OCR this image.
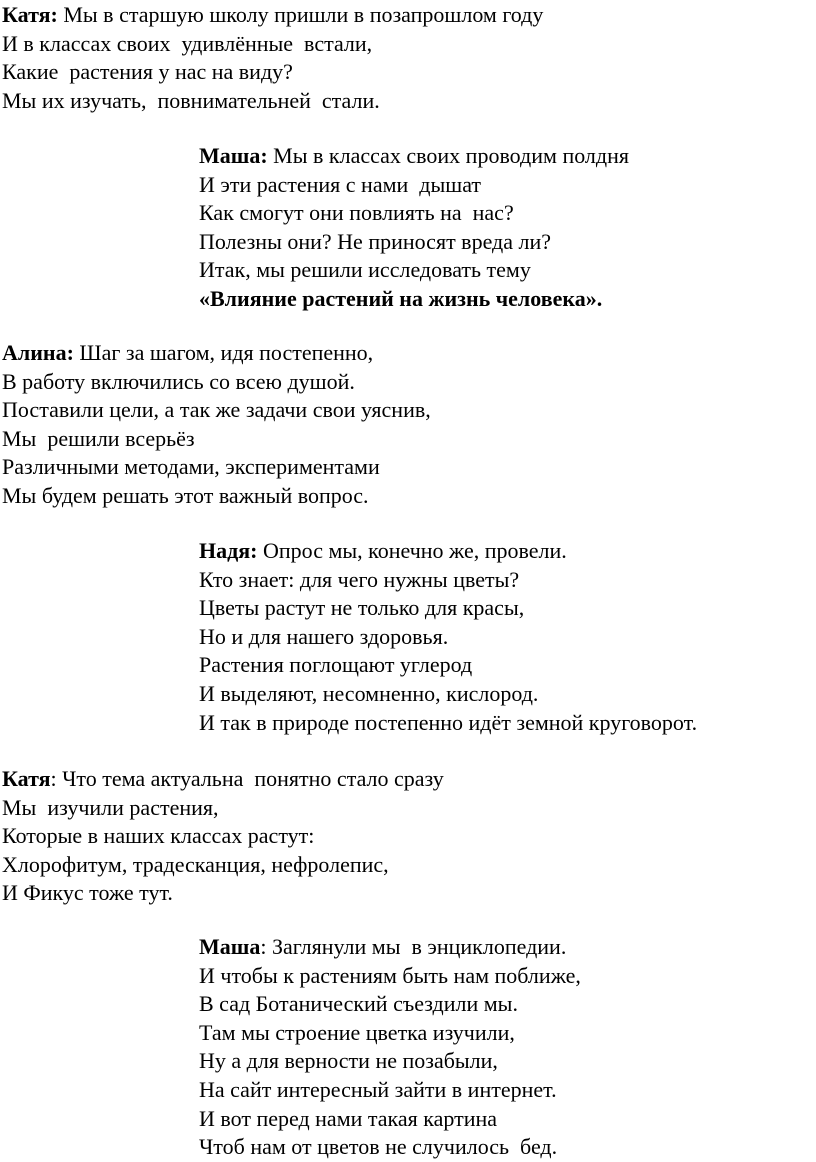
Катя: Мы в старшую школу пришли в позапрошлом году
И в классах своих  удивлённые  встали,
Какие  растения у нас на виду?
Мы их изучать,  повнимательней  стали.
Маша: Мы в классах своих проводим полдня
И эти растения с нами  дышат
Как смогут они повлиять на  нас?
Полезны они? Не приносят вреда ли?
Итак, мы решили исследовать тему
«Влияние растений на жизнь человека».
Алина: Шаг за шагом, идя постепенно,
В работу включились со всею душой.
Поставили цели, а так же задачи свои уяснив,
Мы  решили всерьёз
Различными методами, экспериментами
Мы будем решать этот важный вопрос.
Надя: Опрос мы, конечно же, провели.
Кто знает: для чего нужны цветы?
Цветы растут не только для красы,
Но и для нашего здоровья.
Растения поглощают углерод
И выделяют, несомненно, кислород.
И так в природе постепенно идёт земной круговорот.
Катя: Что тема актуальна  понятно стало сразу
Мы  изучили растения,
Которые в наших классах растут:
Хлорофитум, традесканция, нефролепис,
И Фикус тоже тут.
Маша: Заглянули мы  в энциклопедии.
И чтобы к растениям быть нам поближе,
В сад Ботанический съездили мы.
Там мы строение цветка изучили,
Ну а для верности не позабыли,
На сайт интересный зайти в интернет.
И вот перед нами такая картина
Чтоб нам от цветов не случилось  бед.
